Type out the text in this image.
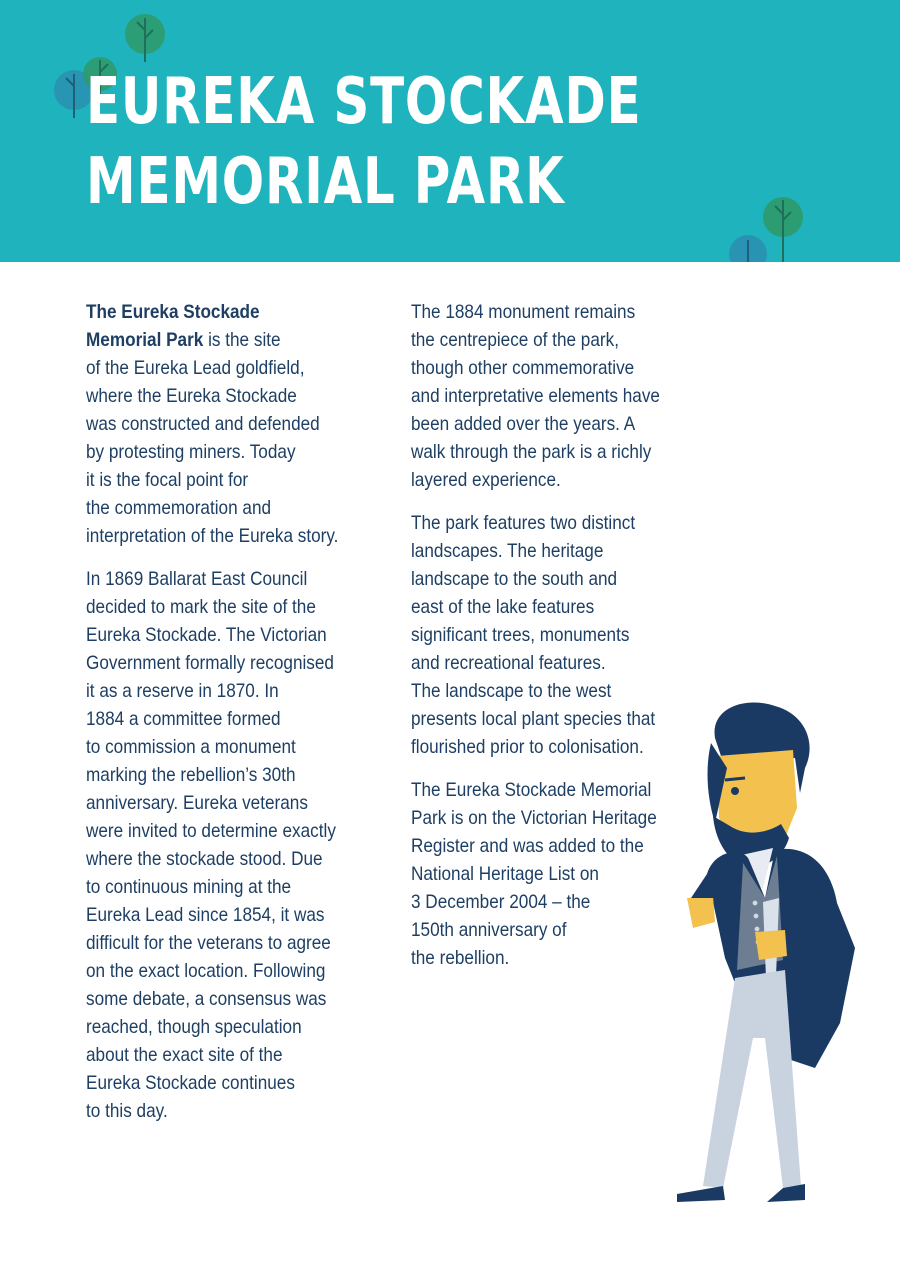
EUREKA STOCKADE
MEMORIAL PARK

The Eureka Stockade
Memorial Park is the site
of the Eureka Lead goldfield,
where the Eureka Stockade
was constructed and defended
by protesting miners. Today
it is the focal point for
the commemoration and
interpretation of the Eureka story.

In 1869 Ballarat East Council
decided to mark the site of the
Eureka Stockade. The Victorian
Government formally recognised
it as a reserve in 1870. In
1884 a committee formed
to commission a monument
marking the rebellion’s 30th
anniversary. Eureka veterans
were invited to determine exactly
where the stockade stood. Due
to continuous mining at the
Eureka Lead since 1854, it was
difficult for the veterans to agree
on the exact location. Following
some debate, a consensus was
reached, though speculation
about the exact site of the
Eureka Stockade continues
to this day.

The 1884 monument remains
the centrepiece of the park,
though other commemorative
and interpretative elements have
been added over the years. A
walk through the park is a richly
layered experience.

The park features two distinct
landscapes. The heritage
landscape to the south and
east of the lake features
significant trees, monuments
and recreational features.
The landscape to the west
presents local plant species that
flourished prior to colonisation.

The Eureka Stockade Memorial
Park is on the Victorian Heritage
Register and was added to the
National Heritage List on
3 December 2004 – the
150th anniversary of
the rebellion.
